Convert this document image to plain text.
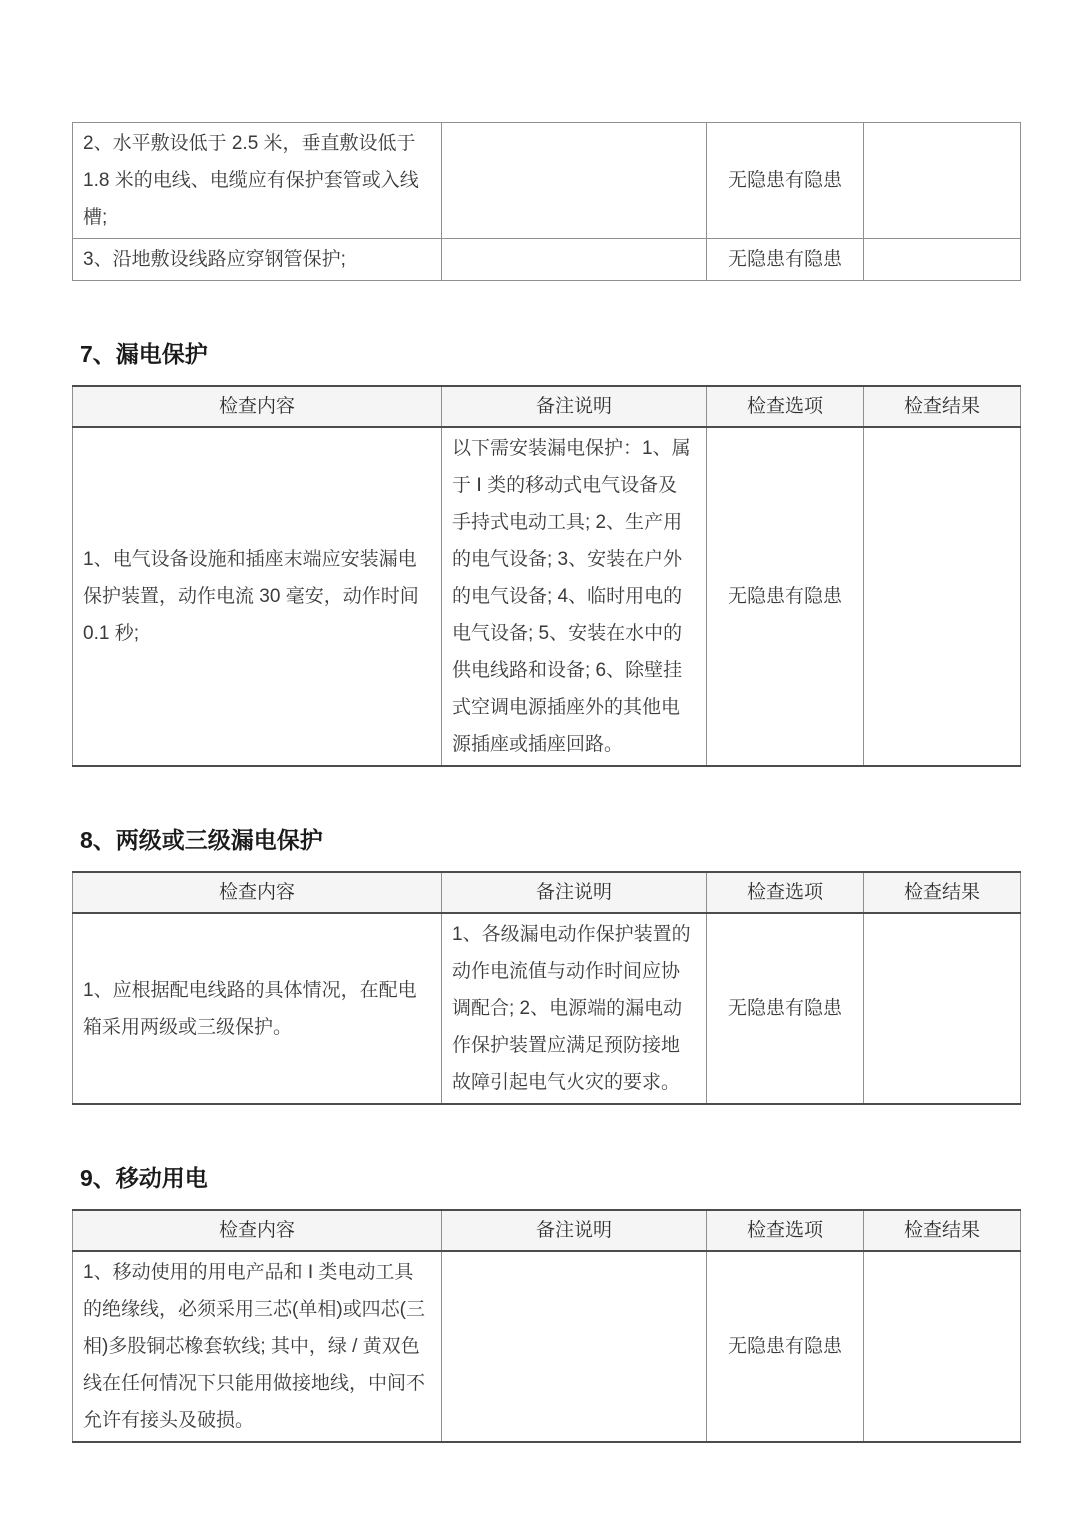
2、水平敷设低于 2.5 米，垂直敷设低于 1.8 米的电线、电缆应有保护套管或入线槽;		无隐患有隐患	
3、沿地敷设线路应穿钢管保护;		无隐患有隐患	
7、漏电保护
检查内容	备注说明	检查选项	检查结果
1、电气设备设施和插座末端应安装漏电保护装置，动作电流 30 毫安，动作时间 0.1 秒;	以下需安装漏电保护：1、属于 Ⅰ 类的移动式电气设备及手持式电动工具; 2、生产用的电气设备; 3、安装在户外的电气设备; 4、临时用电的电气设备; 5、安装在水中的供电线路和设备; 6、除壁挂式空调电源插座外的其他电源插座或插座回路。	无隐患有隐患	
8、两级或三级漏电保护
检查内容	备注说明	检查选项	检查结果
1、应根据配电线路的具体情况，在配电箱采用两级或三级保护。	1、各级漏电动作保护装置的动作电流值与动作时间应协调配合; 2、电源端的漏电动作保护装置应满足预防接地故障引起电气火灾的要求。	无隐患有隐患	
9、移动用电
检查内容	备注说明	检查选项	检查结果
1、移动使用的用电产品和 I 类电动工具的绝缘线，必须采用三芯(单相)或四芯(三相)多股铜芯橡套软线; 其中，绿 / 黄双色线在任何情况下只能用做接地线，中间不允许有接头及破损。		无隐患有隐患	
